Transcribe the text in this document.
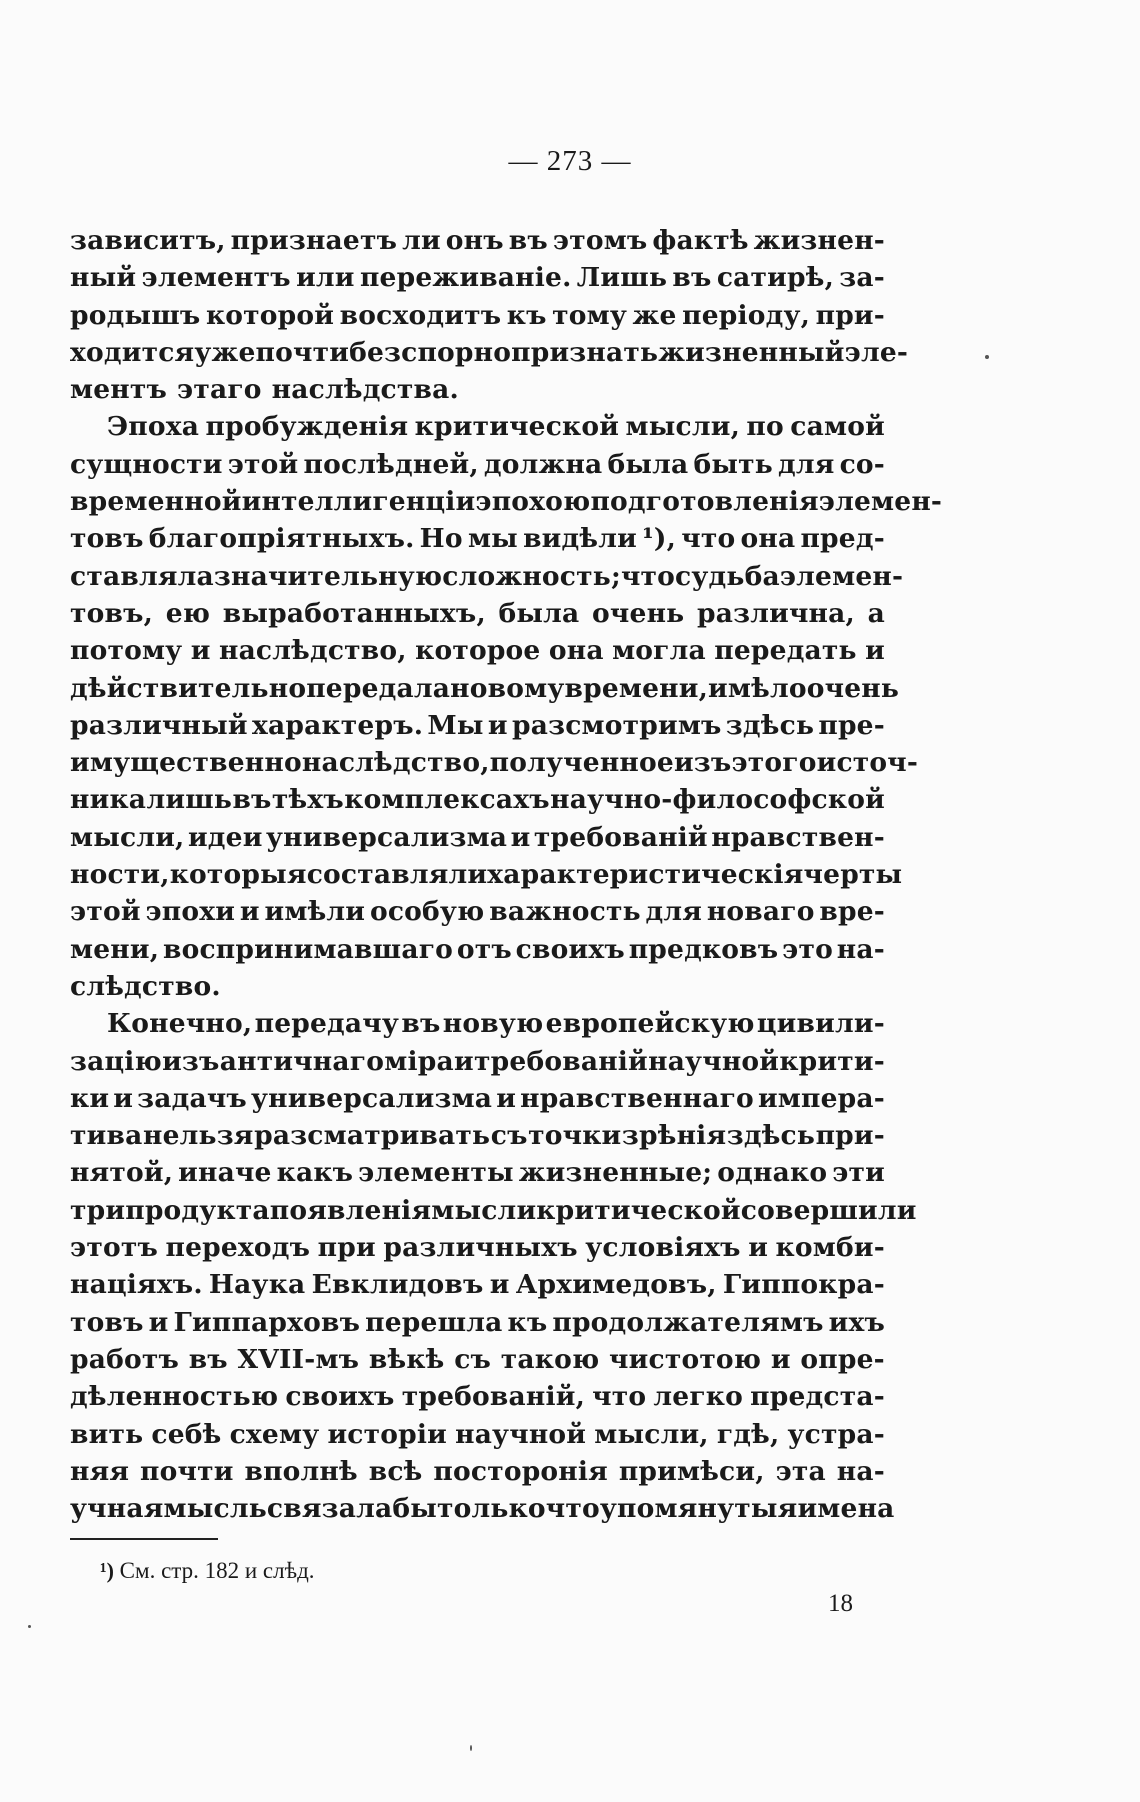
— 273 —
зависитъ, признаетъ ли онъ въ этомъ фактѣ жизнен-
ный элементъ или переживаніе. Лишь въ сатирѣ, за-
родышъ которой восходитъ къ тому же періоду, при-
ходится уже почти безспорно признать жизненный эле-
ментъ этаго наслѣдства.
Эпоха пробужденія критической мысли, по самой
сущности этой послѣдней, должна была быть для со-
временной интеллигенціи эпохою подготовленія элемен-
товъ благопріятныхъ. Но мы видѣли ¹), что она пред-
ставляла значительную сложность; что судьба элемен-
товъ, ею выработанныхъ, была очень различна, а
потому и наслѣдство, которое она могла передать и
дѣйствительно передала новому времени, имѣло очень
различный характеръ. Мы и разсмотримъ здѣсь пре-
имущественно наслѣдство, полученное изъ этого источ-
ника лишь въ тѣхъ комплексахъ научно-философской
мысли, идеи универсализма и требованій нравствен-
ности, которыя составляли характеристическія черты
этой эпохи и имѣли особую важность для новаго вре-
мени, воспринимавшаго отъ своихъ предковъ это на-
слѣдство.
Конечно, передачу въ новую европейскую цивили-
зацію изъ античнаго міра и требованій научной крити-
ки и задачъ универсализма и нравственнаго импера-
тива нельзя разсматривать съ точки зрѣнія здѣсь при-
нятой, иначе какъ элементы жизненные; однако эти
три продукта появленія мысли критической совершили
этотъ переходъ при различныхъ условіяхъ и комби-
націяхъ. Наука Евклидовъ и Архимедовъ, Гиппокра-
товъ и Гиппарховъ перешла къ продолжателямъ ихъ
работъ въ XVII-мъ вѣкѣ съ такою чистотою и опре-
дѣленностью своихъ требованій, что легко предста-
вить себѣ схему исторіи научной мысли, гдѣ, устра-
няя почти вполнѣ всѣ посторонія примѣси, эта на-
учная мысль связала бы только что упомянутыя имена
¹) См. стр. 182 и слѣд.
18
